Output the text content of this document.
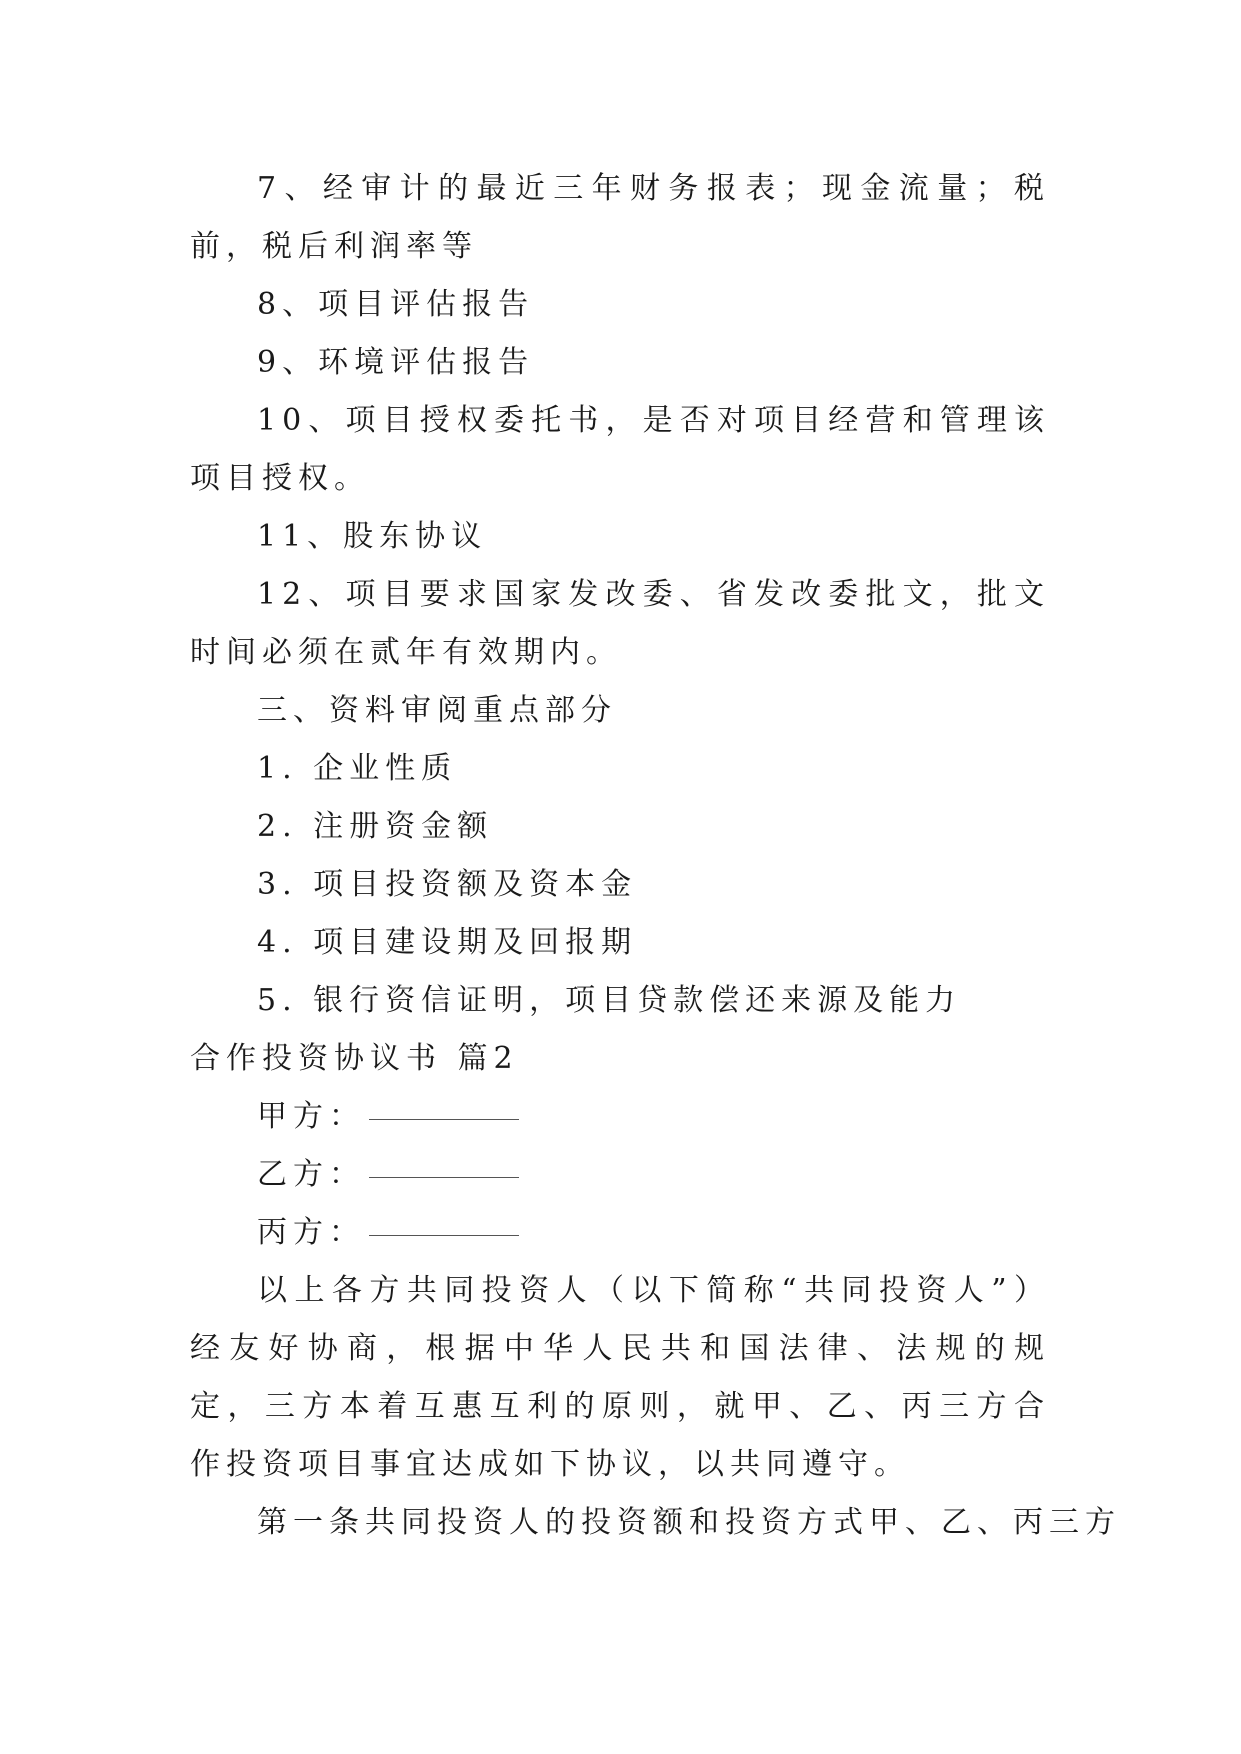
7、经审计的最近三年财务报表；现金流量；税前，税后利润率等
8、项目评估报告
9、环境评估报告
10、项目授权委托书，是否对项目经营和管理该项目授权。
11、股东协议
12、项目要求国家发改委、省发改委批文，批文时间必须在贰年有效期内。
三、资料审阅重点部分
1. 企业性质
2. 注册资金额
3. 项目投资额及资本金
4. 项目建设期及回报期
5. 银行资信证明，项目贷款偿还来源及能力
合作投资协议书 篇2
甲方：
乙方：
丙方：
以上各方共同投资人（以下简称“共同投资人”）经友好协商，根据中华人民共和国法律、法规的规定，三方本着互惠互利的原则，就甲、乙、丙三方合作投资项目事宜达成如下协议，以共同遵守。
第一条共同投资人的投资额和投资方式甲、乙、丙三方
